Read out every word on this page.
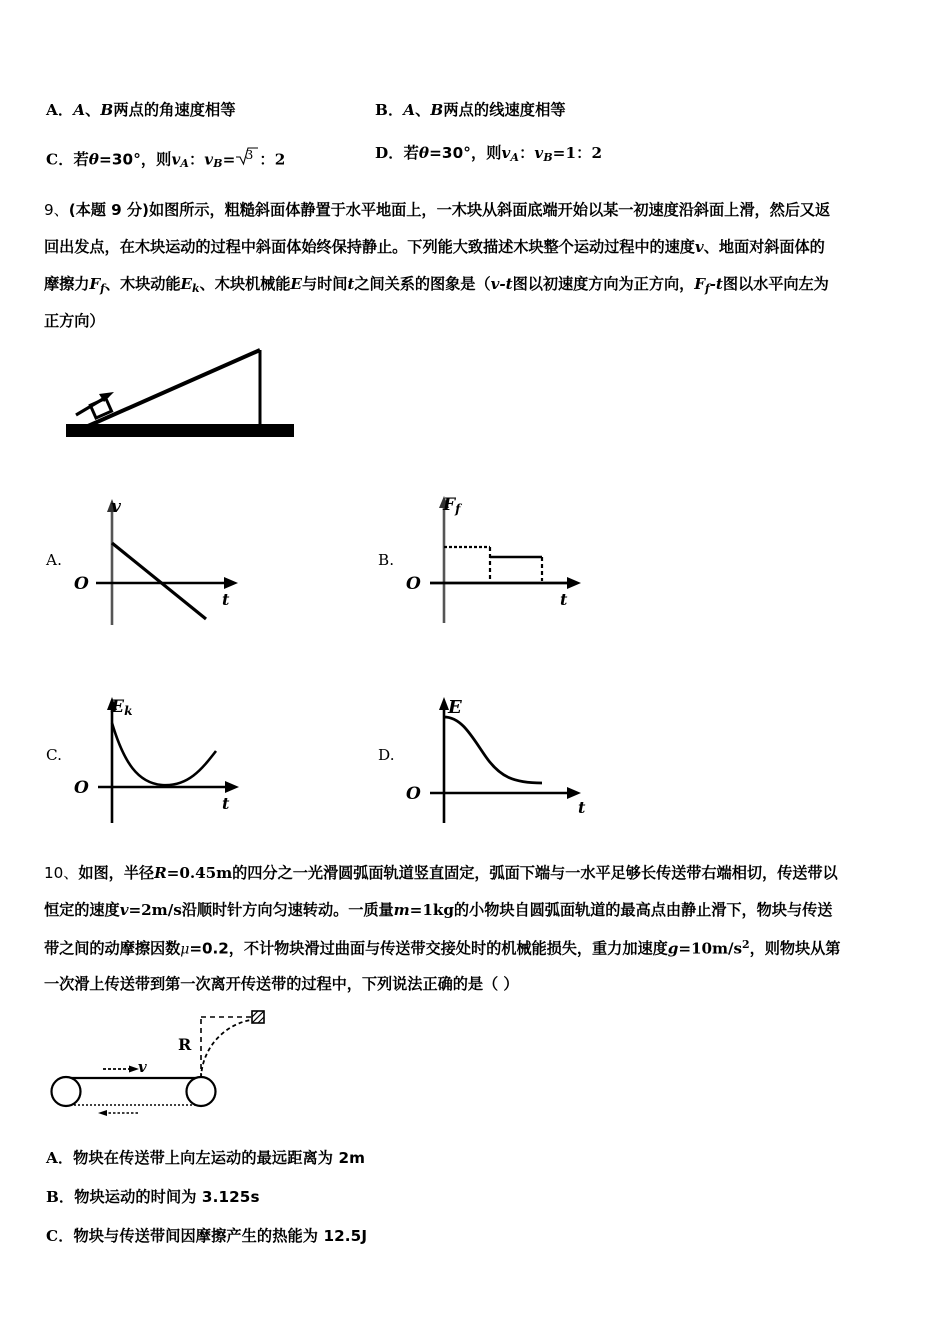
A．A、B两点的角速度相等	B．A、B两点的线速度相等
C．若θ=30°，则$v_A$：$v_B= 3$ ：2	D．若θ=30°，则$v_A$：$v_B=1$：2
9、(本题 9 分)如图所示，粗糙斜面体静置于水平地面上，一木块从斜面底端开始以某一初速度沿斜面上滑，然后又返
回出发点，在木块运动的过程中斜面体始终保持静止。下列能大致描述木块整个运动过程中的速度v、地面对斜面体的
摩擦力$F_f$、木块动能$E_k$、木块机械能E与时间t之间关系的图象是（v-t图以初速度方向为正方向，$F_f-t$图以水平向左为
正方向）
A.
v
O
t
B.
$F_f$
O
t
C.
$E_k$
O
t
D.
E
O
t
10、如图，半径R=0.45m的四分之一光滑圆弧面轨道竖直固定，弧面下端与一水平足够长传送带右端相切，传送带以
恒定的速度v=2m/s沿顺时针方向匀速转动。一质量m=1kg的小物块自圆弧面轨道的最高点由静止滑下，物块与传送
带之间的动摩擦因数μ=0.2，不计物块滑过曲面与传送带交接处时的机械能损失，重力加速度$g=10m/s^2$，则物块从第
一次滑上传送带到第一次离开传送带的过程中，下列说法正确的是（ ）
R
v
A．物块在传送带上向左运动的最远距离为 2m
B．物块运动的时间为 3.125s
C．物块与传送带间因摩擦产生的热能为 12.5J
